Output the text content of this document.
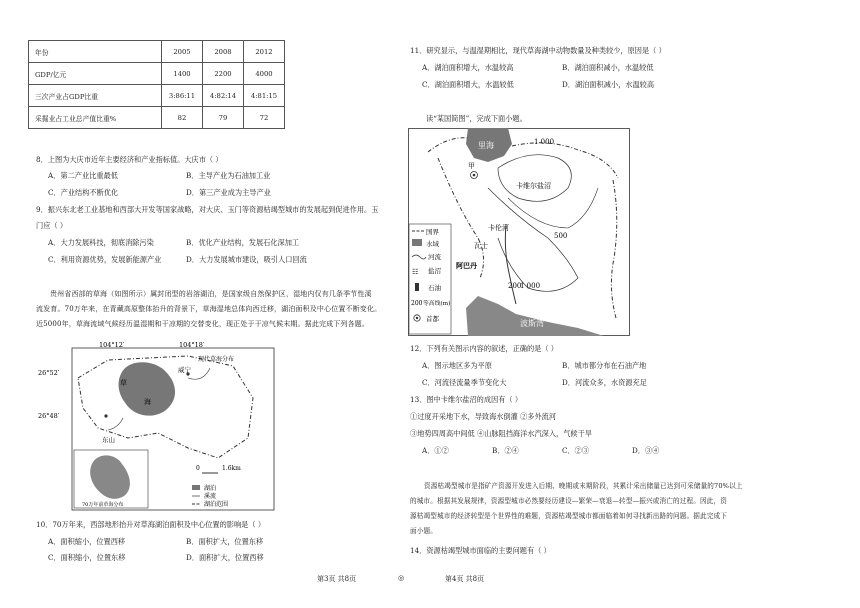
年份	2005	2008	2012
GDP/亿元	1400	2200	4000
三次产业占GDP比重	3:86:11	4:82:14	4:81:15
采掘业占工业总产值比重%	82	79	72
8．上图为大庆市近年主要经济和产业指标值。大庆市（ ）
A．第二产业比重最低	B．主导产业为石油加工业
C．产业结构不断优化	D．第三产业成为主导产业
9．振兴东北老工业基地和西部大开发等国家战略，对大庆、玉门等资源枯竭型城市的发展起到促进作用。玉
门应（ ）
A．大力发展科技，彻底消除污染	B．优化产业结构，发展石化深加工
C．利用资源优势，发展新能源产业	D．大力发展城市建设，吸引人口回流
贵州省西部的草海（如图所示）属封闭型的岩溶湖泊，是国家级自然保护区，湿地内仅有几条季节性溪
流发育。70万年来，在青藏高原整体抬升的背景下，草海湿地总体向西迁移，湖泊面积及中心位置不断变化。
近5000年，草海流域气候经历温湿期和干凉期的交替变化，现正处于干凉气候末期。据此完成下列各题。
104°12′	104°18′
26°52′
26°48′
现代草海分布
草
海
威宁
东山
0	1.6km
70万年前草海分布
湖泊
溪流
湖泊范围
10．70万年来，西部地形抬升对草海湖泊面积及中心位置的影响是（ ）
A．面积缩小，位置西移	B．面积扩大，位置东移
C．面积缩小，位置东移	D．面积扩大，位置西移
11．研究显示，与温湿期相比，现代草海湖中动物数量及种类较少，原因是（ ）
A．湖泊面积增大，水温较高	B．湖泊面积减小，水温较低
C．湖泊面积增大，水温较低	D．湖泊面积减小，水温较高
读“某国简图”，完成下面小题。
☷
里海
甲
卡维尔盐沼
卡伦河
瓦士
阿巴丹
波斯湾
1 000
500
200
1 000
国界
水域
河流
盐沼
石油
200 等高线(m)
首都
12．下列有关图示内容的叙述，正确的是（ ）
A．图示地区多为平原	B．城市都分布在石油产地
C．河流径流量季节变化大	D．河流众多，水资源充足
13．图中卡维尔盐沼的成因有（ ）
①过度开采地下水，导致海水倒灌 ②多外流河
③地势四周高中间低 ④山脉阻挡海洋水汽深入，气候干旱
A．①②	B．②④	C．②③	D．③④
资源枯竭型城市是指矿产资源开发进入后期、晚期或末期阶段，其累计采出储量已达到可采储量的70%以上
的城市。根据其发展规律，资源型城市必然要经历建设—繁荣—衰退—转型—振兴或消亡的过程。因此，资
源枯竭型城市的经济转型是个世界性的难题，资源枯竭型城市都面临着如何寻找新出路的问题。据此完成下
面小题。
14．资源枯竭型城市面临的主要问题有（ ）
第3页 共8页	◎	第4页 共8页
